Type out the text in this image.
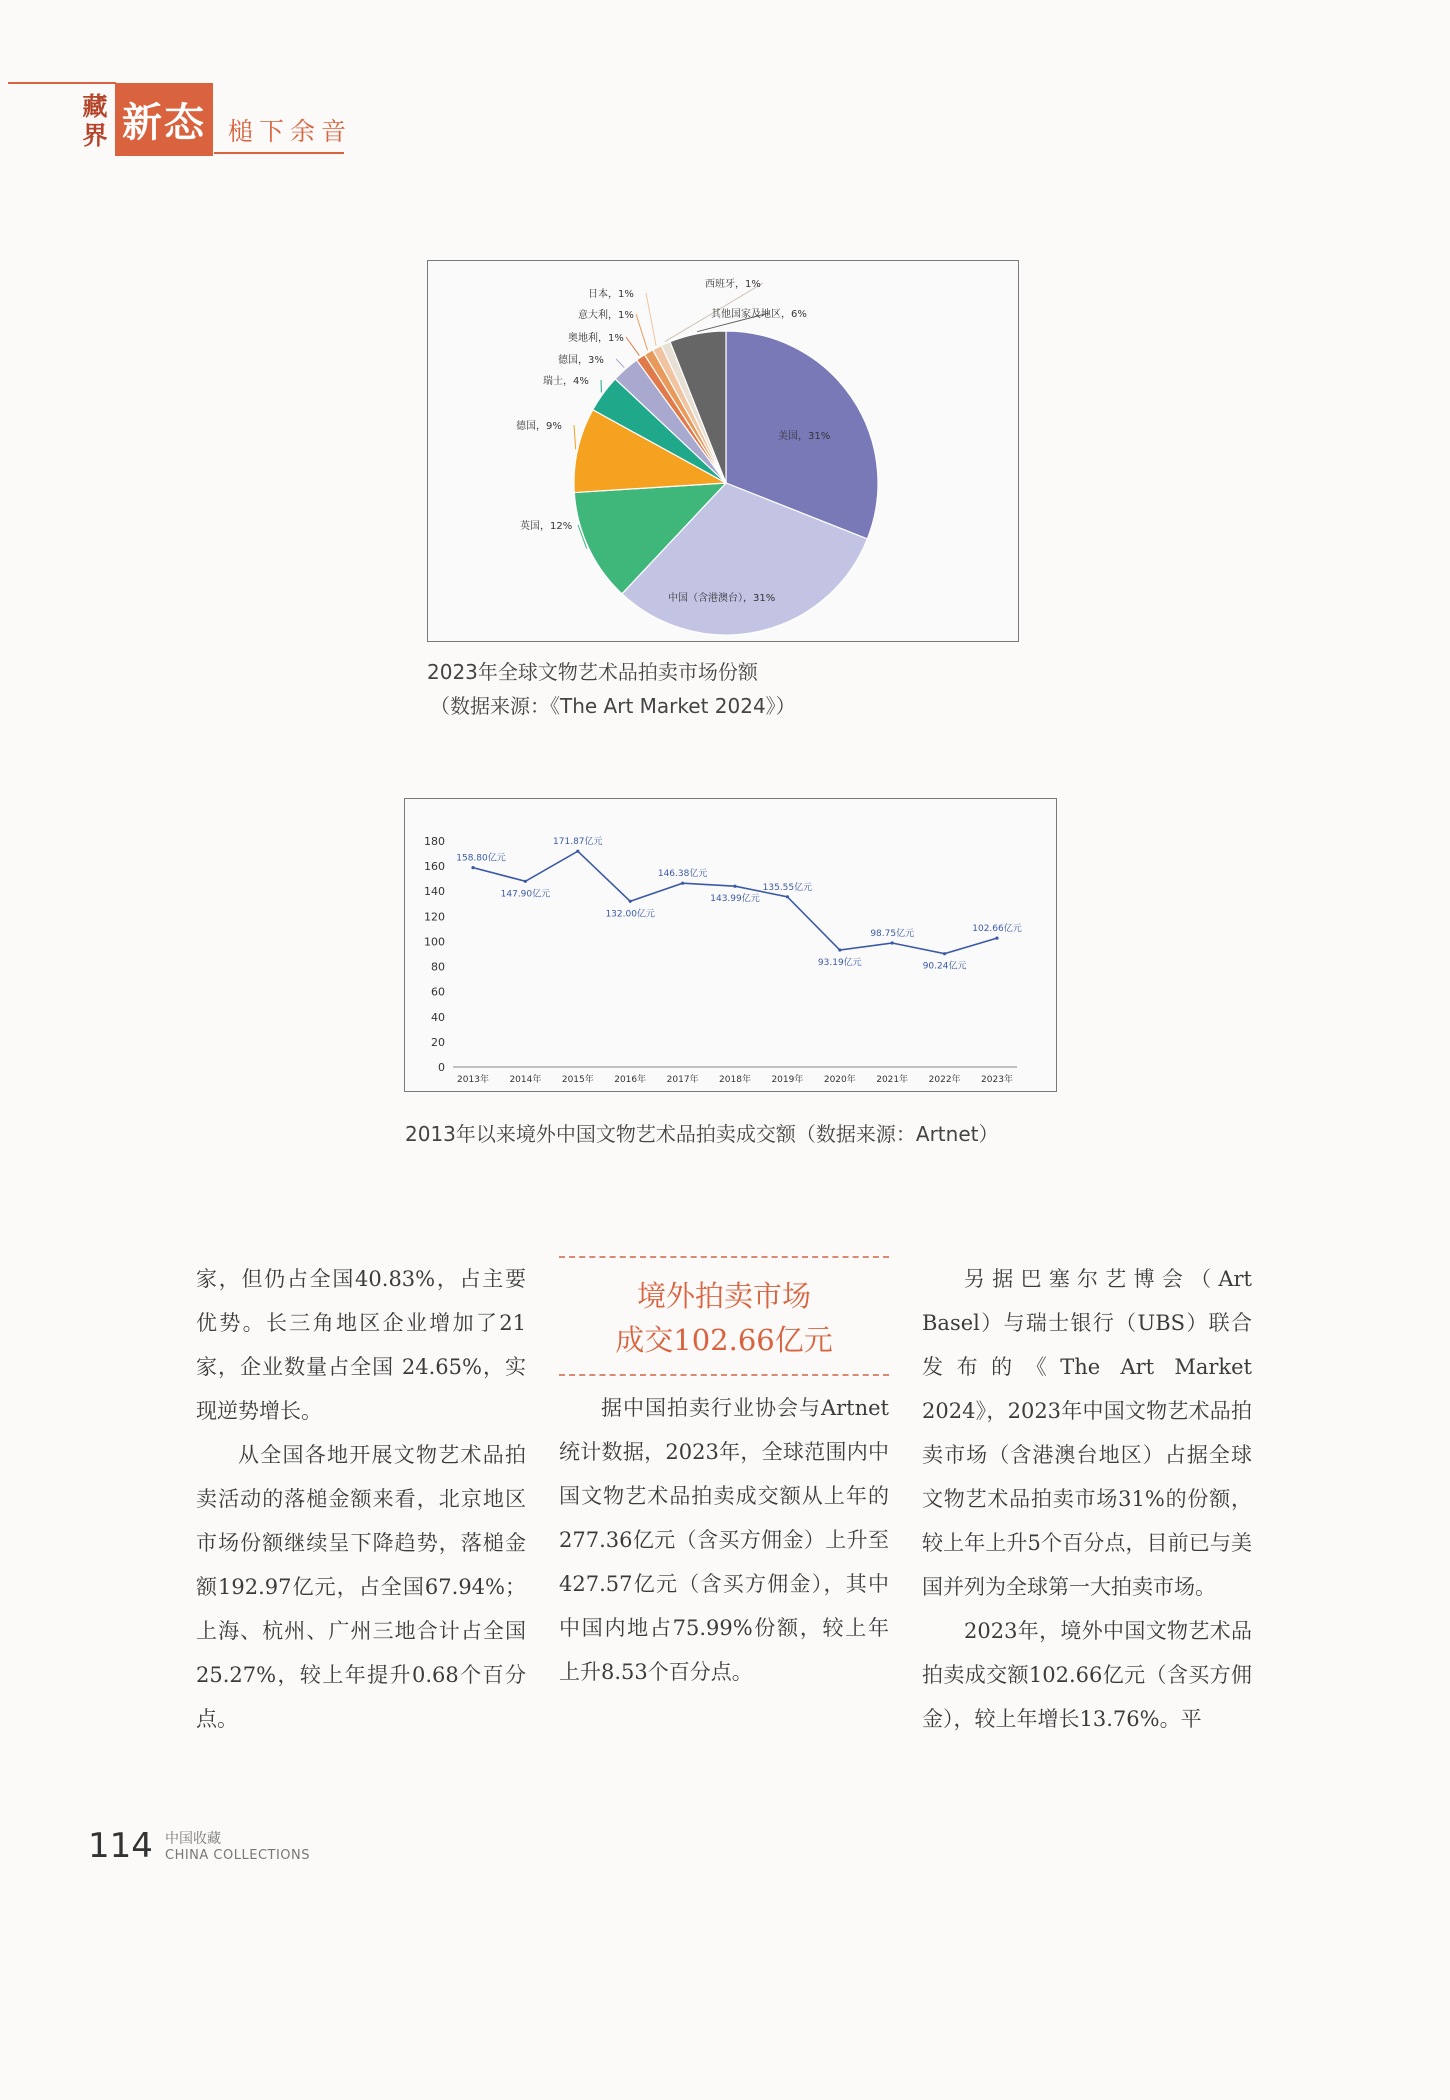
藏界 新态 槌下余音
美国，31%
中国（含港澳台），31%
英国，12%
德国，9%
瑞士，4%
德国，3%
奥地利，1%
意大利，1%
日本，1%
西班牙，1%
其他国家及地区，6%
2023年全球文物艺术品拍卖市场份额
（数据来源：《The Art Market 2024》）
0
20
40
60
80
100
120
140
160
180
2013年 2014年 2015年 2016年 2017年 2018年 2019年 2020年 2021年 2022年 2023年
158.80亿元
147.90亿元
171.87亿元
132.00亿元
146.38亿元
143.99亿元
135.55亿元
93.19亿元
98.75亿元
90.24亿元
102.66亿元
2013年以来境外中国文物艺术品拍卖成交额（数据来源：Artnet）

家，但仍占全国40.83%，占主要优势。长三角地区企业增加了21家，企业数量占全国 24.65%，实现逆势增长。

从全国各地开展文物艺术品拍卖活动的落槌金额来看，北京地区市场份额继续呈下降趋势，落槌金额192.97亿元，占全国67.94%；上海、杭州、广州三地合计占全国25.27%，较上年提升0.68个百分点。

境外拍卖市场
成交102.66亿元

据中国拍卖行业协会与Artnet统计数据，2023年，全球范围内中国文物艺术品拍卖成交额从上年的277.36亿元（含买方佣金）上升至427.57亿元（含买方佣金），其中中国内地占75.99%份额，较上年上升8.53个百分点。

另据巴塞尔艺博会（Art Basel）与瑞士银行（UBS）联合发布的《The Art Market 2024》，2023年中国文物艺术品拍卖市场（含港澳台地区）占据全球文物艺术品拍卖市场31%的份额，较上年上升5个百分点，目前已与美国并列为全球第一大拍卖市场。

2023年，境外中国文物艺术品拍卖成交额102.66亿元（含买方佣金），较上年增长13.76%。平

114 中国收藏
CHINA COLLECTIONS
